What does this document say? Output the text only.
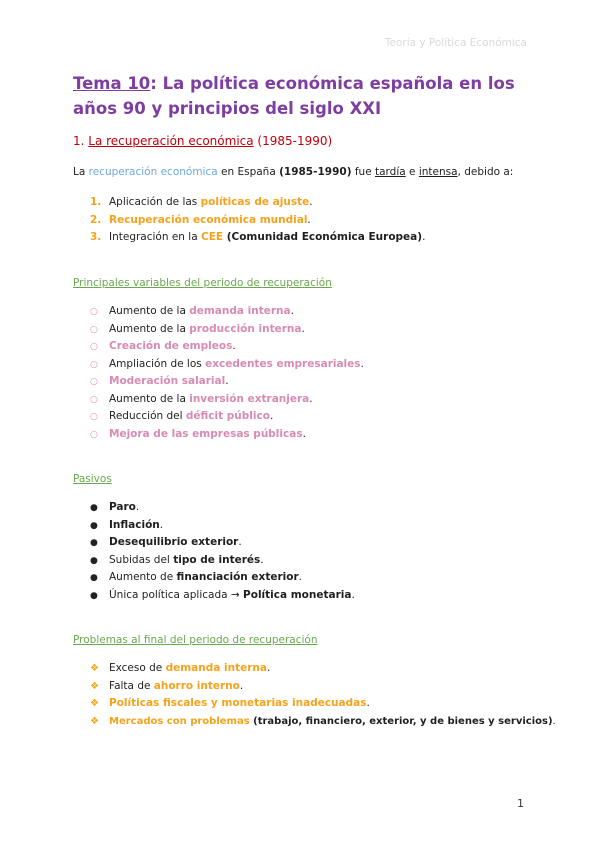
Teoría y Política Económica
Tema 10: La política económica española en los años 90 y principios del siglo XXI
1. La recuperación económica (1985-1990)
La recuperación económica en España (1985-1990) fue tardía e intensa, debido a:
1. Aplicación de las políticas de ajuste.
2. Recuperación económica mundial.
3. Integración en la CEE (Comunidad Económica Europea).
Principales variables del periodo de recuperación
○ Aumento de la demanda interna.
○ Aumento de la producción interna.
○ Creación de empleos.
○ Ampliación de los excedentes empresariales.
○ Moderación salarial.
○ Aumento de la inversión extranjera.
○ Reducción del déficit público.
○ Mejora de las empresas públicas.
Pasivos
● Paro.
● Inflación.
● Desequilibrio exterior.
● Subidas del tipo de interés.
● Aumento de financiación exterior.
● Única política aplicada → Política monetaria.
Problemas al final del periodo de recuperación
❖ Exceso de demanda interna.
❖ Falta de ahorro interno.
❖ Políticas fiscales y monetarias inadecuadas.
❖ Mercados con problemas (trabajo, financiero, exterior, y de bienes y servicios).
1
